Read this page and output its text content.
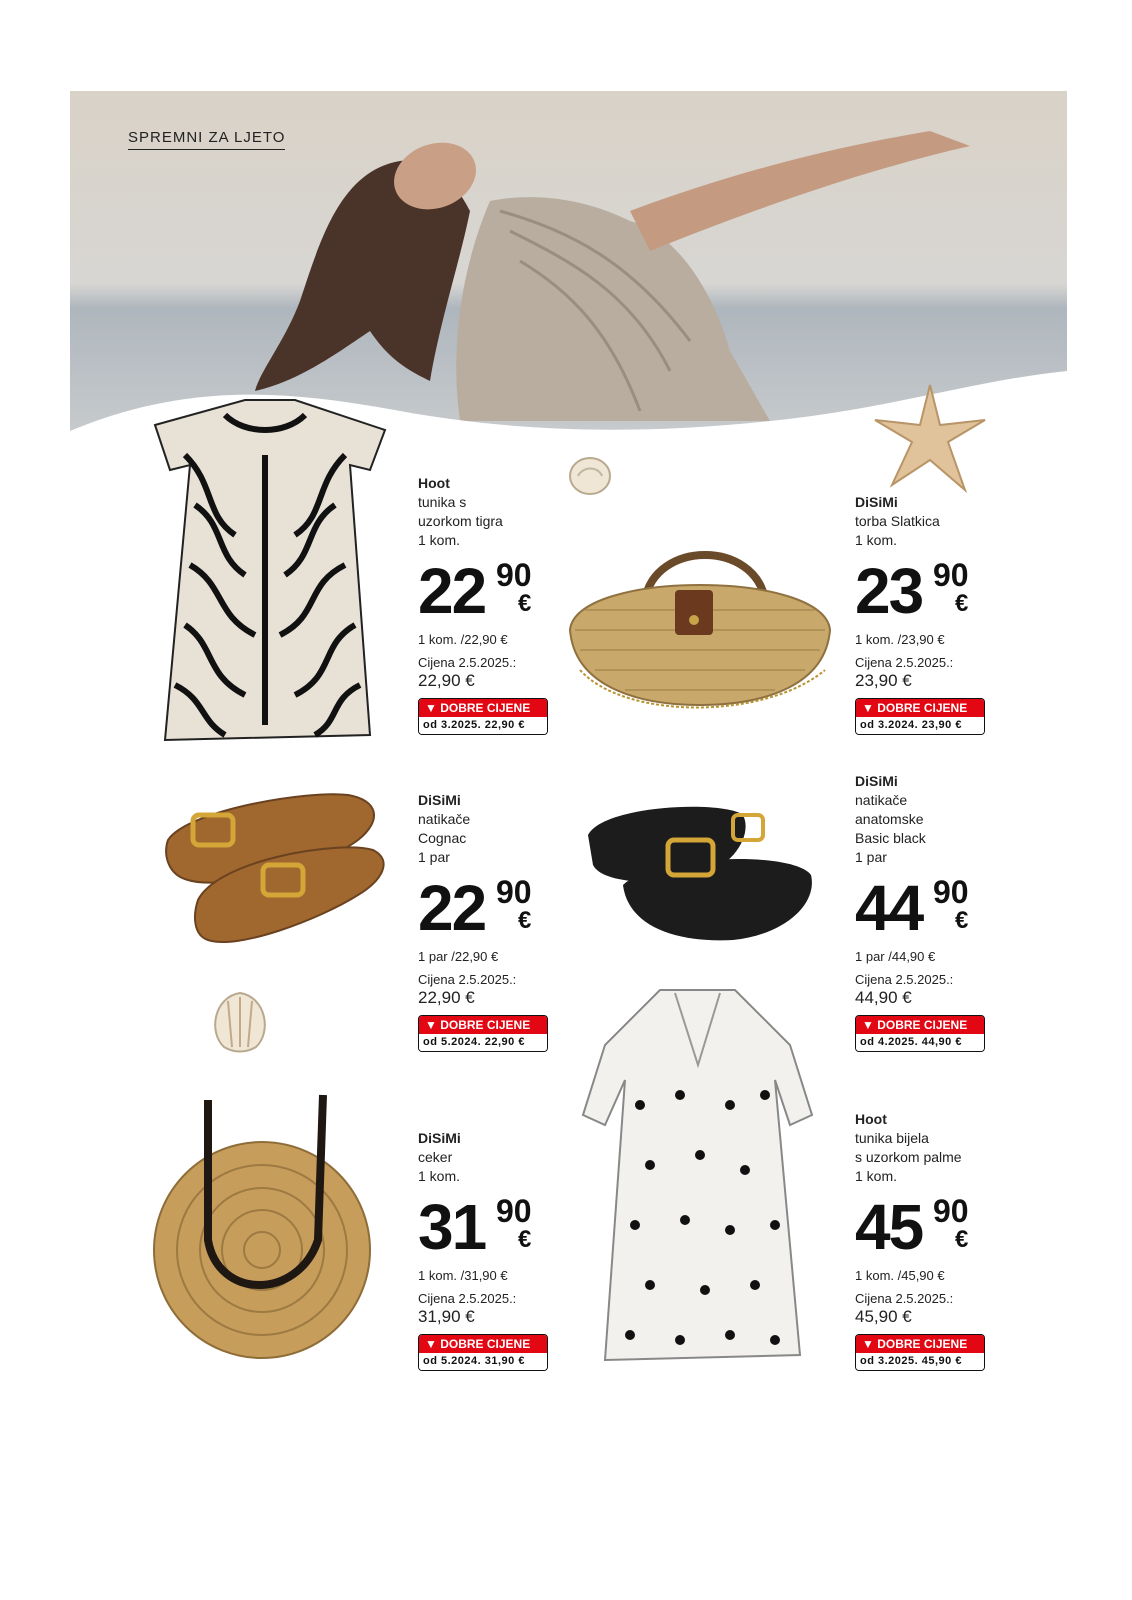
SPREMNI ZA LJETO
Hoot
tunika s
uzorkom tigra
1 kom.
22 90
€
1 kom. /22,90 €
Cijena 2.5.2025.:
22,90 €
▼ DOBRE CIJENE
od 3.2025. 22,90 €
DiSiMi
torba Slatkica
1 kom.
23 90
€
1 kom. /23,90 €
Cijena 2.5.2025.:
23,90 €
▼ DOBRE CIJENE
od 3.2024. 23,90 €
DiSiMi
natikače
Cognac
1 par
22 90
€
1 par /22,90 €
Cijena 2.5.2025.:
22,90 €
▼ DOBRE CIJENE
od 5.2024. 22,90 €
DiSiMi
natikače
anatomske
Basic black
1 par
44 90
€
1 par /44,90 €
Cijena 2.5.2025.:
44,90 €
▼ DOBRE CIJENE
od 4.2025. 44,90 €
DiSiMi
ceker
1 kom.
31 90
€
1 kom. /31,90 €
Cijena 2.5.2025.:
31,90 €
▼ DOBRE CIJENE
od 5.2024. 31,90 €
Hoot
tunika bijela
s uzorkom palme
1 kom.
45 90
€
1 kom. /45,90 €
Cijena 2.5.2025.:
45,90 €
▼ DOBRE CIJENE
od 3.2025. 45,90 €
